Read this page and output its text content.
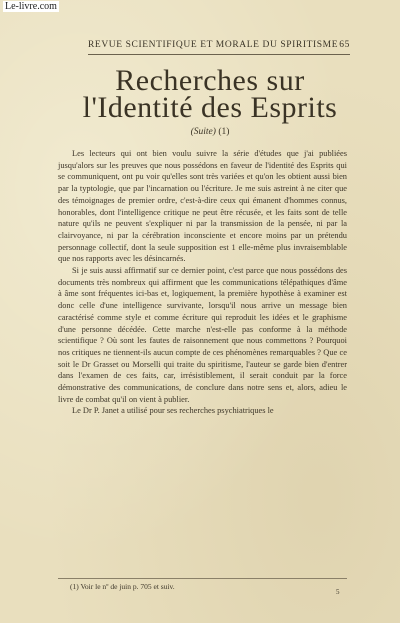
Le-livre.com
REVUE SCIENTIFIQUE ET MORALE DU SPIRITISME 65
Recherches sur
l'Identité des Esprits
(Suite) (1)

Les lecteurs qui ont bien voulu suivre la série d'études que j'ai publiées jusqu'alors sur les preuves que nous possédons en faveur de l'identité des Esprits qui se communiquent, ont pu voir qu'elles sont très variées et qu'on les obtient aussi bien par la typtologie, que par l'incarnation ou l'écriture. Je me suis astreint à ne citer que des témoignages de premier ordre, c'est-à-dire ceux qui émanent d'hommes connus, honorables, dont l'intelligence critique ne peut être récusée, et les faits sont de telle nature qu'ils ne peuvent s'expliquer ni par la transmission de la pensée, ni par la clairvoyance, ni par la cérébration inconsciente et encore moins par un prétendu personnage collectif, dont la seule supposition est 1 elle-même plus invraisemblable que nos rapports avec les désincarnés.

Si je suis aussi affirmatif sur ce dernier point, c'est parce que nous possédons des documents très nombreux qui affirment que les communications télépathiques d'âme à âme sont fréquentes ici-bas et, logiquement, la première hypothèse à examiner est donc celle d'une intelligence survivante, lorsqu'il nous arrive un message bien caractérisé comme style et comme écriture qui reproduit les idées et le graphisme d'une personne décédée. Cette marche n'est-elle pas conforme à la méthode scientifique ? Où sont les fautes de raisonnement que nous commettons ? Pourquoi nos critiques ne tiennent-ils aucun compte de ces phénomènes remarquables ? Que ce soit le Dr Grasset ou Morselli qui traite du spiritisme, l'auteur se garde bien d'entrer dans l'examen de ces faits, car, irrésistiblement, il serait conduit par la force démonstrative des communications, de conclure dans notre sens et, alors, adieu le livre de combat qu'il on vient à publier.

Le Dr P. Janet a utilisé pour ses recherches psychiatriques le

(1) Voir le nº de juin p. 705 et suiv.
5
